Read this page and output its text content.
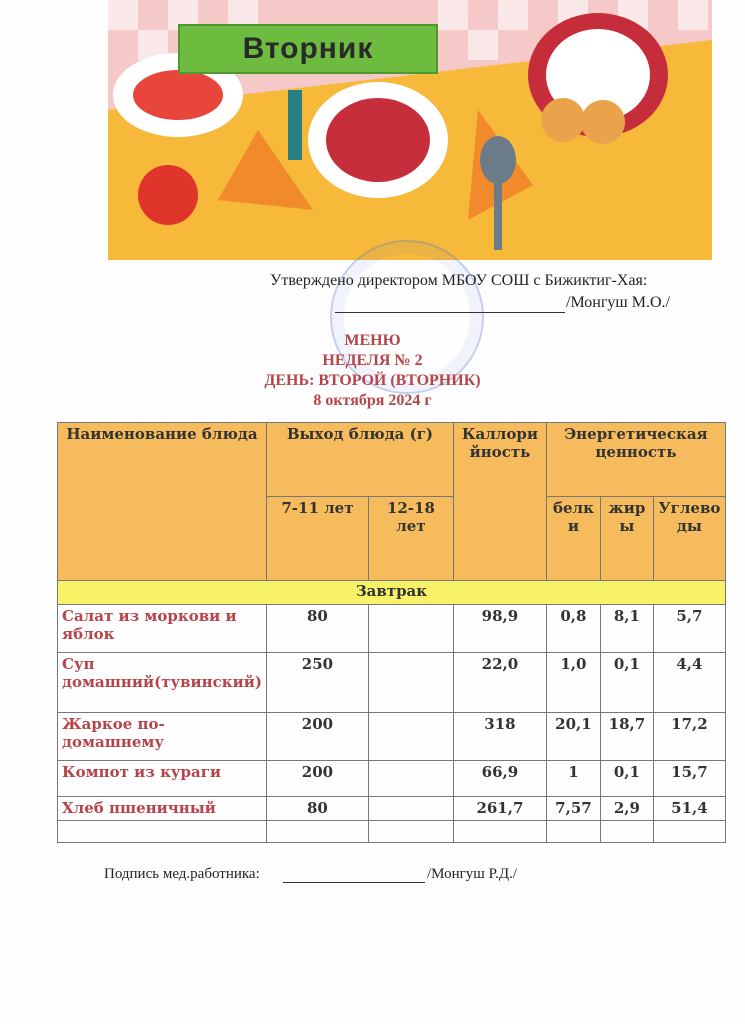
Вторник
Утверждено директором МБОУ СОШ с Бижиктиг-Хая:
/Монгуш М.О./
МЕНЮ
НЕДЕЛЯ № 2
ДЕНЬ: ВТОРОЙ (ВТОРНИК)
8 октября 2024 г
Наименование блюда	Выход блюда (г)		Каллорийность	Энергетическая ценность		
	7-11 лет	12-18 лет		белки	жиры	Углеводы
Завтрак						
Салат из моркови и яблок	80		98,9	0,8	8,1	5,7
Суп домашний(тувинский)	250		22,0	1,0	0,1	4,4
Жаркое по-домашнему	200		318	20,1	18,7	17,2
Компот из кураги	200		66,9	1	0,1	15,7
Хлеб пшеничный	80		261,7	7,57	2,9	51,4

Подпись мед.работника:	/Монгуш Р.Д./
